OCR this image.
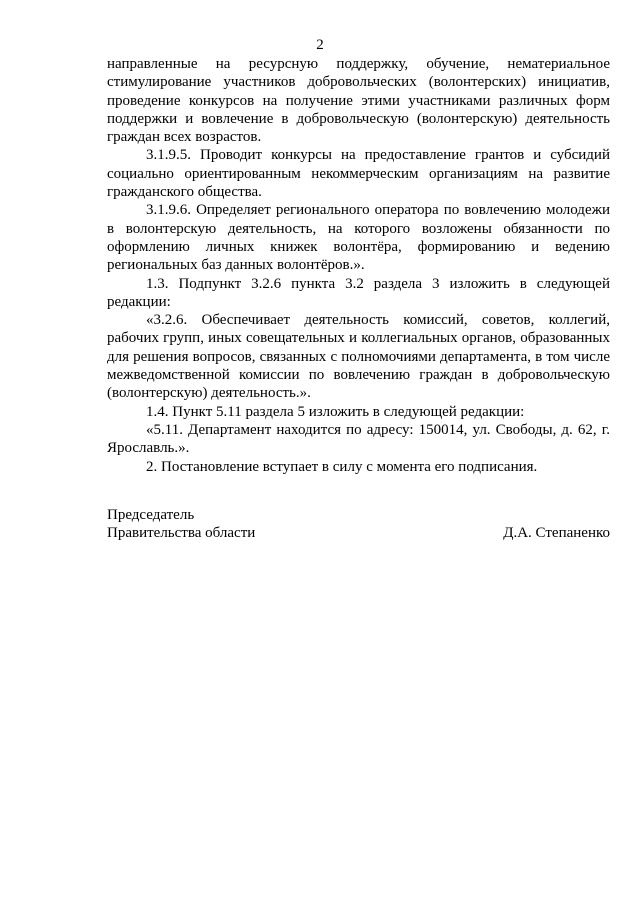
2

направленные на ресурсную поддержку, обучение, нематериальное стимулирование участников добровольческих (волонтерских) инициатив, проведение конкурсов на получение этими участниками различных форм поддержки и вовлечение в добровольческую (волонтерскую) деятельность граждан всех возрастов.

3.1.9.5. Проводит конкурсы на предоставление грантов и субсидий социально ориентированным некоммерческим организациям на развитие гражданского общества.

3.1.9.6. Определяет регионального оператора по вовлечению молодежи в волонтерскую деятельность, на которого возложены обязанности по оформлению личных книжек волонтёра, формированию и ведению региональных баз данных волонтёров.».

1.3. Подпункт 3.2.6 пункта 3.2 раздела 3 изложить в следующей редакции:

«3.2.6. Обеспечивает деятельность комиссий, советов, коллегий, рабочих групп, иных совещательных и коллегиальных органов, образованных для решения вопросов, связанных с полномочиями департамента, в том числе межведомственной комиссии по вовлечению граждан в добровольческую (волонтерскую) деятельность.».

1.4. Пункт 5.11 раздела 5 изложить в следующей редакции:

«5.11. Департамент находится по адресу: 150014, ул. Свободы, д. 62, г. Ярославль.».

2. Постановление вступает в силу с момента его подписания.

Председатель
Правительства области	Д.А. Степаненко
